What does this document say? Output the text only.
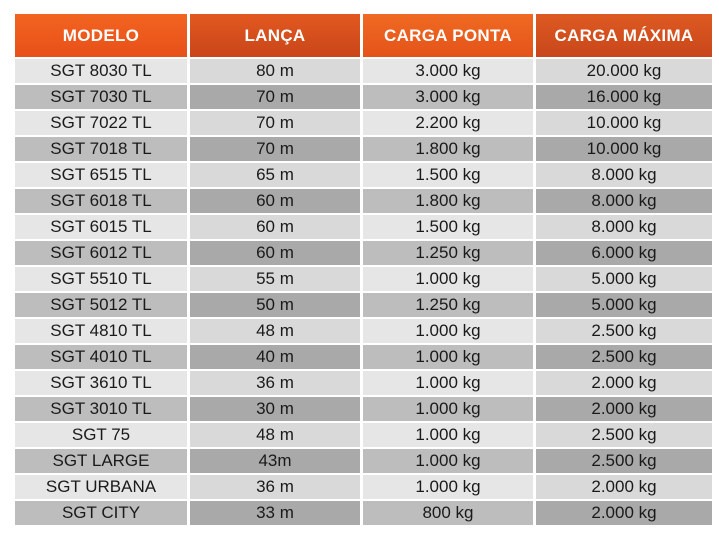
MODELO	LANÇA	CARGA PONTA	CARGA MÁXIMA
SGT 8030 TL	80 m	3.000 kg	20.000 kg
SGT 7030 TL	70 m	3.000 kg	16.000 kg
SGT 7022 TL	70 m	2.200 kg	10.000 kg
SGT 7018 TL	70 m	1.800 kg	10.000 kg
SGT 6515 TL	65 m	1.500 kg	8.000 kg
SGT 6018 TL	60 m	1.800 kg	8.000 kg
SGT 6015 TL	60 m	1.500 kg	8.000 kg
SGT 6012 TL	60 m	1.250 kg	6.000 kg
SGT 5510 TL	55 m	1.000 kg	5.000 kg
SGT 5012 TL	50 m	1.250 kg	5.000 kg
SGT 4810 TL	48 m	1.000 kg	2.500 kg
SGT 4010 TL	40 m	1.000 kg	2.500 kg
SGT 3610 TL	36 m	1.000 kg	2.000 kg
SGT 3010 TL	30 m	1.000 kg	2.000 kg
SGT 75	48 m	1.000 kg	2.500 kg
SGT LARGE	43m	1.000 kg	2.500 kg
SGT URBANA	36 m	1.000 kg	2.000 kg
SGT CITY	33 m	800 kg	2.000 kg
